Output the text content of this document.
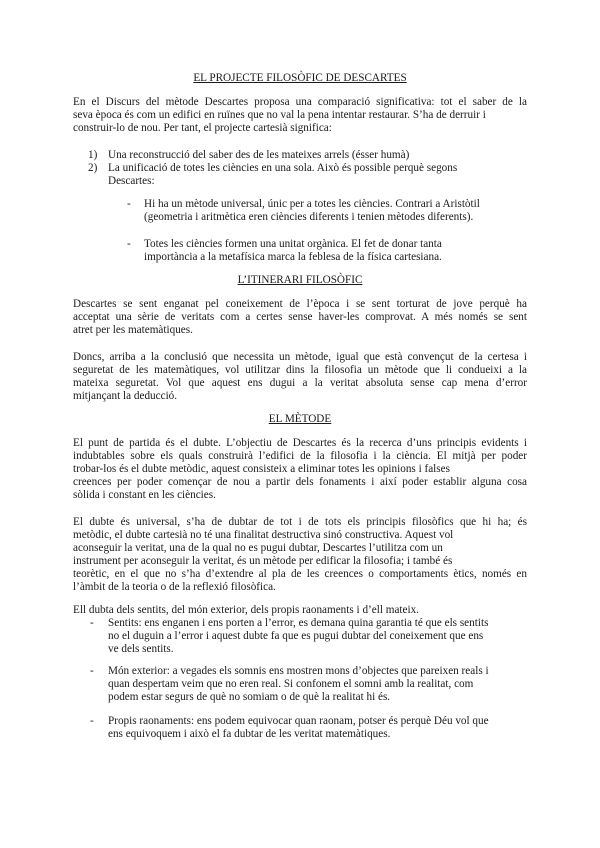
EL PROJECTE FILOSÒFIC DE DESCARTES
En el Discurs del mètode Descartes proposa una comparació significativa: tot el saber de la
seva època és com un edifici en ruïnes que no val la pena intentar restaurar. S’ha de derruir i
construir-lo de nou. Per tant, el projecte cartesià significa:
1) Una reconstrucció del saber des de les mateixes arrels (ésser humà)
2) La unificació de totes les ciències en una sola. Això és possible perquè segons
Descartes:
- Hi ha un mètode universal, únic per a totes les ciències. Contrari a Aristòtil
(geometria i aritmètica eren ciències diferents i tenien mètodes diferents).
- Totes les ciències formen una unitat orgànica. El fet de donar tanta
importància a la metafísica marca la feblesa de la física cartesiana.
L’ITINERARI FILOSÒFIC
Descartes se sent enganat pel coneixement de l’època i se sent torturat de jove perquè ha
acceptat una sèrie de veritats com a certes sense haver-les comprovat. A més només se sent
atret per les matemàtiques.
Doncs, arriba a la conclusió que necessita un mètode, igual que està convençut de la certesa i
seguretat de les matemàtiques, vol utilitzar dins la filosofia un mètode que li condueixi a la
mateixa seguretat. Vol que aquest ens dugui a la veritat absoluta sense cap mena d’error
mitjançant la deducció.
EL MÈTODE
El punt de partida és el dubte. L’objectiu de Descartes és la recerca d’uns principis evidents i
indubtables sobre els quals construirà l’edifici de la filosofia i la ciència. El mitjà per poder
trobar-los és el dubte metòdic, aquest consisteix a eliminar totes les opinions i falses
creences per poder començar de nou a partir dels fonaments i així poder establir alguna cosa
sòlida i constant en les ciències.
El dubte és universal, s’ha de dubtar de tot i de tots els principis filosòfics que hi ha; és
metòdic, el dubte cartesià no té una finalitat destructiva sinó constructiva. Aquest vol
aconseguir la veritat, una de la qual no es pugui dubtar, Descartes l’utilitza com un
instrument per aconseguir la veritat, és un mètode per edificar la filosofia; i també és
teorètic, en el que no s’ha d’extendre al pla de les creences o comportaments ètics, només en
l’àmbit de la teoria o de la reflexió filosòfica.
Ell dubta dels sentits, del món exterior, dels propis raonaments i d’ell mateix.
- Sentits: ens enganen i ens porten a l’error, es demana quina garantia té que els sentits
no el duguin a l’error i aquest dubte fa que es pugui dubtar del coneixement que ens
ve dels sentits.
- Món exterior: a vegades els somnis ens mostren mons d’objectes que pareixen reals i
quan despertam veim que no eren real. Si confonem el somni amb la realitat, com
podem estar segurs de què no somiam o de què la realitat hi és.
- Propis raonaments: ens podem equivocar quan raonam, potser és perquè Déu vol que
ens equivoquem i això el fa dubtar de les veritat matemàtiques.
